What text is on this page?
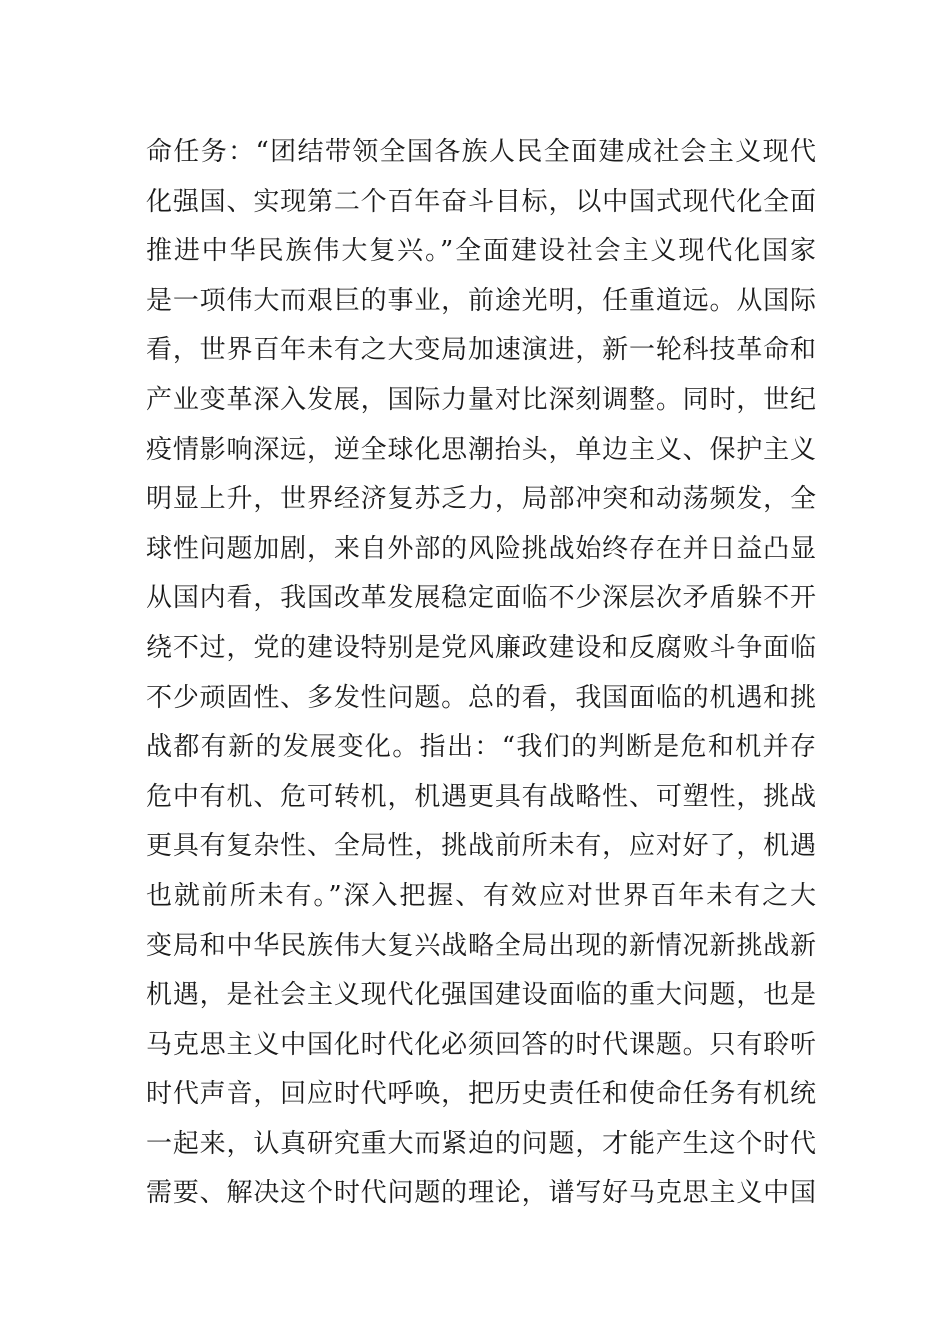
命任务：“团结带领全国各族人民全面建成社会主义现代
化强国、实现第二个百年奋斗目标，以中国式现代化全面
推进中华民族伟大复兴。”全面建设社会主义现代化国家
是一项伟大而艰巨的事业，前途光明，任重道远。从国际
看，世界百年未有之大变局加速演进，新一轮科技革命和
产业变革深入发展，国际力量对比深刻调整。同时，世纪
疫情影响深远，逆全球化思潮抬头，单边主义、保护主义
明显上升，世界经济复苏乏力，局部冲突和动荡频发，全
球性问题加剧，来自外部的风险挑战始终存在并日益凸显
从国内看，我国改革发展稳定面临不少深层次矛盾躲不开
绕不过，党的建设特别是党风廉政建设和反腐败斗争面临
不少顽固性、多发性问题。总的看，我国面临的机遇和挑
战都有新的发展变化。指出：“我们的判断是危和机并存
危中有机、危可转机，机遇更具有战略性、可塑性，挑战
更具有复杂性、全局性，挑战前所未有，应对好了，机遇
也就前所未有。”深入把握、有效应对世界百年未有之大
变局和中华民族伟大复兴战略全局出现的新情况新挑战新
机遇，是社会主义现代化强国建设面临的重大问题，也是
马克思主义中国化时代化必须回答的时代课题。只有聆听
时代声音，回应时代呼唤，把历史责任和使命任务有机统
一起来，认真研究重大而紧迫的问题，才能产生这个时代
需要、解决这个时代问题的理论，谱写好马克思主义中国
